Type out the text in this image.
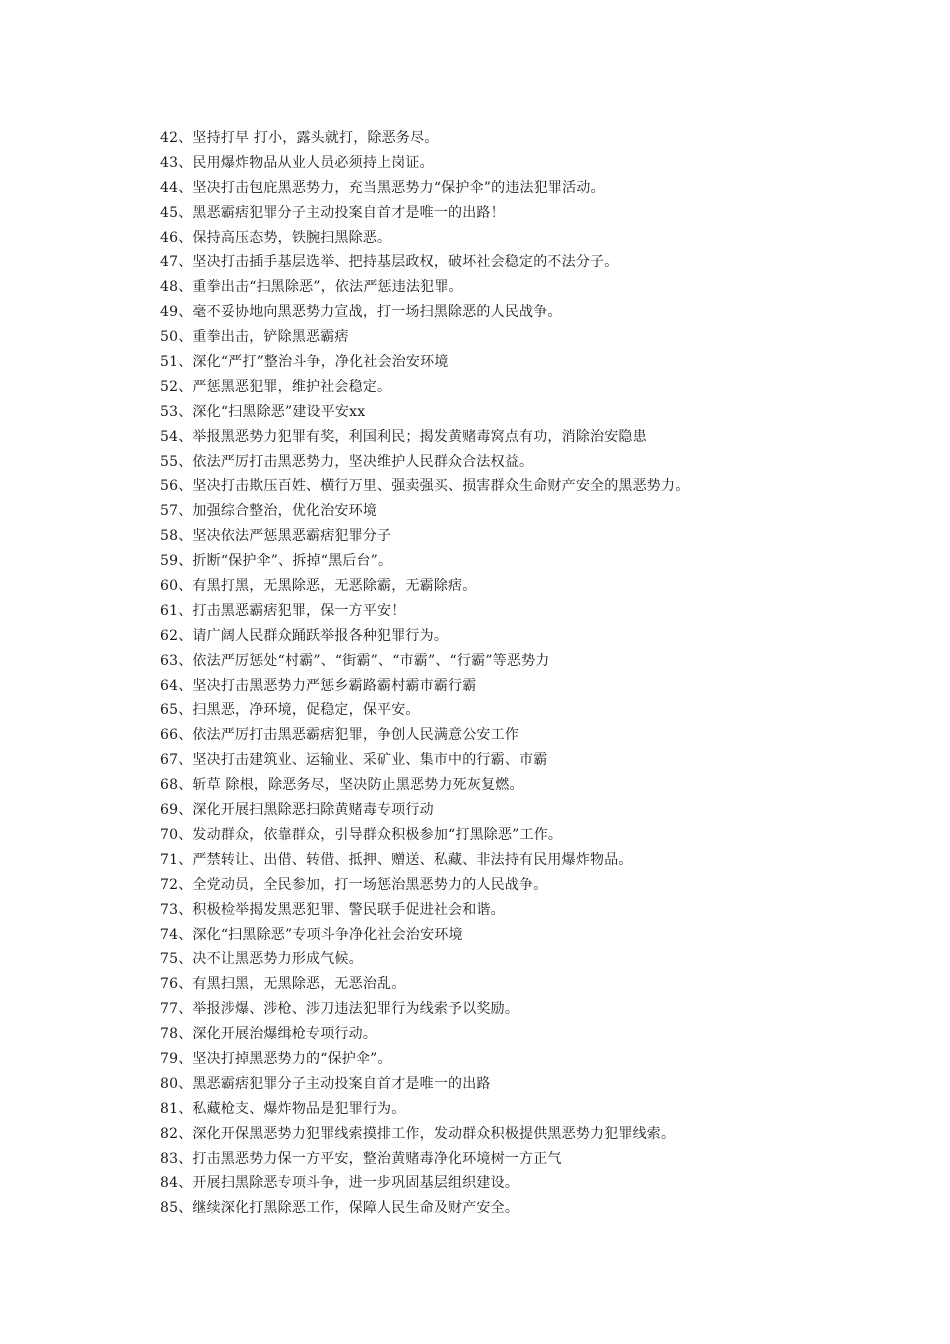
42、坚持打早 打小，露头就打，除恶务尽。
43、民用爆炸物品从业人员必须持上岗证。
44、坚决打击包庇黑恶势力，充当黑恶势力“保护伞”的违法犯罪活动。
45、黑恶霸痞犯罪分子主动投案自首才是唯一的出路！
46、保持高压态势，铁腕扫黑除恶。
47、坚决打击插手基层选举、把持基层政权，破坏社会稳定的不法分子。
48、重拳出击“扫黑除恶”，依法严惩违法犯罪。
49、毫不妥协地向黑恶势力宣战，打一场扫黑除恶的人民战争。
50、重拳出击，铲除黑恶霸痞
51、深化“严打”整治斗争，净化社会治安环境
52、严惩黑恶犯罪，维护社会稳定。
53、深化“扫黑除恶”建设平安xx
54、举报黑恶势力犯罪有奖，利国利民；揭发黄赌毒窝点有功，消除治安隐患
55、依法严厉打击黑恶势力，坚决维护人民群众合法权益。
56、坚决打击欺压百姓、横行万里、强卖强买、损害群众生命财产安全的黑恶势力。
57、加强综合整治，优化治安环境
58、坚决依法严惩黑恶霸痞犯罪分子
59、折断“保护伞”、拆掉“黑后台”。
60、有黑打黑，无黑除恶，无恶除霸，无霸除痞。
61、打击黑恶霸痞犯罪，保一方平安！
62、请广阔人民群众踊跃举报各种犯罪行为。
63、依法严厉惩处“村霸”、“街霸”、“市霸”、“行霸”等恶势力
64、坚决打击黑恶势力严惩乡霸路霸村霸市霸行霸
65、扫黑恶，净环境，促稳定，保平安。
66、依法严厉打击黑恶霸痞犯罪，争创人民满意公安工作
67、坚决打击建筑业、运输业、采矿业、集市中的行霸、市霸
68、斩草 除根，除恶务尽，坚决防止黑恶势力死灰复燃。
69、深化开展扫黑除恶扫除黄赌毒专项行动
70、发动群众，依靠群众，引导群众积极参加“打黑除恶”工作。
71、严禁转让、出借、转借、抵押、赠送、私藏、非法持有民用爆炸物品。
72、全党动员，全民参加，打一场惩治黑恶势力的人民战争。
73、积极检举揭发黑恶犯罪、警民联手促进社会和谐。
74、深化“扫黑除恶”专项斗争净化社会治安环境
75、决不让黑恶势力形成气候。
76、有黑扫黑，无黑除恶，无恶治乱。
77、举报涉爆、涉枪、涉刀违法犯罪行为线索予以奖励。
78、深化开展治爆缉枪专项行动。
79、坚决打掉黑恶势力的“保护伞”。
80、黑恶霸痞犯罪分子主动投案自首才是唯一的出路
81、私藏枪支、爆炸物品是犯罪行为。
82、深化开保黑恶势力犯罪线索摸排工作，发动群众积极提供黑恶势力犯罪线索。
83、打击黑恶势力保一方平安，整治黄赌毒净化环境树一方正气
84、开展扫黑除恶专项斗争，进一步巩固基层组织建设。
85、继续深化打黑除恶工作，保障人民生命及财产安全。
